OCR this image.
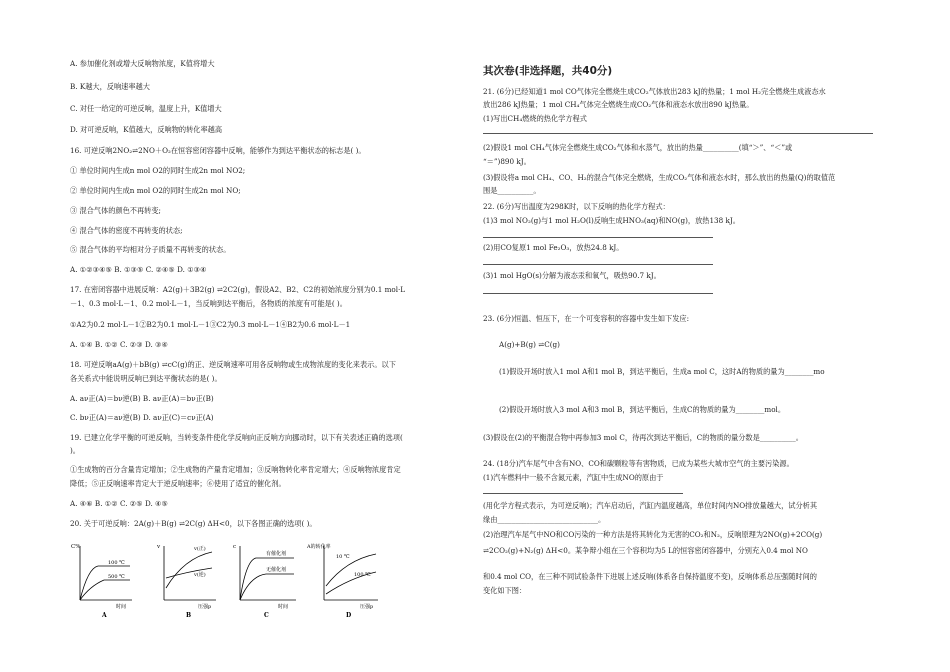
A. 参加催化剂或增大反响物浓度，K值将增大
B. K越大，反响速率越大
C. 对任一给定的可逆反响，温度上升，K值增大
D. 对可逆反响，K值越大，反响物的转化率越高
16. 可逆反响2NO₂⇌2NO＋O₂在恒容密闭容器中反响，能够作为到达平衡状态的标志是( )。
① 单位时间内生成n mol O2的同时生成2n mol NO2;
② 单位时间内生成n mol O2的同时生成2n mol NO;
③ 混合气体的颜色不再转变;
④ 混合气体的密度不再转变的状态;
⑤ 混合气体的平均相对分子质量不再转变的状态。
A. ①②③④⑤ B. ①③⑤ C. ②④⑤ D. ①③④
17. 在密闭容器中进展反响：A2(g)＋3B2(g) ⇌2C2(g)，假设A2、B2、C2的初始浓度分别为0.1 mol·L
－1、0.3 mol·L－1、0.2 mol·L－1，当反响到达平衡后，各物质的浓度有可能是( )。
①A2为0.2 mol·L－1②B2为0.1 mol·L－1③C2为0.3 mol·L－1④B2为0.6 mol·L－1
A. ①④ B. ①② C. ②③ D. ③④
18. 可逆反响aA(g)＋bB(g) ⇌cC(g)的正、逆反响速率可用各反响物或生成物浓度的变化来表示。以下
各关系式中能说明反响已到达平衡状态的是( )。
A. aν正(A)＝bν逆(B) B. aν正(A)＝bν正(B)
C. bν正(A)＝aν逆(B) D. aν正(C)＝cν正(A)
19. 已建立化学平衡的可逆反响，当转变条件使化学反响向正反响方向挪动时，以下有关表述正确的选项(
)。
①生成物的百分含量肯定增加；②生成物的产量肯定增加；③反响物转化率肯定增大；④反响物浓度肯定
降低；⑤正反响速率肯定大于逆反响速率；⑥使用了适宜的催化剂。
A. ④⑥ B. ①② C. ②⑤ D. ④⑤
20. 关于可逆反响：2A(g)＋B(g) ⇌2C(g) ΔH<0，以下各图正确的选项( )。
C%
100 ℃
500 ℃
时间
A
v	v(正)
v(逆)
压强p
B
c
有催化剂
无催化剂
时间
C
A的转化率
10 ℃
100 ℃
压强p
D
其次卷(非选择题，共40分)
21. (6分)已经知道1 mol CO气体完全燃烧生成CO₂气体放出283 kJ的热量；1 mol H₂完全燃烧生成液态水
放出286 kJ热量；1 mol CH₄气体完全燃烧生成CO₂气体和液态水放出890 kJ热量。
(1)写出CH₄燃烧的热化学方程式
(2)假设1 mol CH₄气体完全燃烧生成CO₂气体和水蒸气，放出的热量__________(填“＞”、“＜”或
“＝”)890 kJ。
(3)假设将a mol CH₄、CO、H₂的混合气体完全燃烧，生成CO₂气体和液态水时，那么放出的热量(Q)的取值范
围是__________。
22. (6分)写出温度为298K时，以下反响的热化学方程式：
(1)3 mol NO₂(g)与1 mol H₂O(l)反响生成HNO₃(aq)和NO(g)，放热138 kJ。
(2)用CO复原1 mol Fe₂O₃，放热24.8 kJ。
(3)1 mol HgO(s)分解为液态汞和氧气，吸热90.7 kJ。
23. (6分)恒温、恒压下，在一个可变容积的容器中发生如下发应:
A(g)+B(g) ⇌C(g)
(1)假设开场时放入1 mol A和1 mol B，到达平衡后，生成a mol C，这时A的物质的量为________mo
(2)假设开场时放入3 mol A和3 mol B，到达平衡后，生成C的物质的量为________mol。
(3)假设在(2)的平衡混合物中再参加3 mol C，待再次到达平衡后，C的物质的量分数是__________。
24. (18分)汽车尾气中含有NO、CO和碳颗粒等有害物质，已成为某些大城市空气的主要污染源。
(1)汽车燃料中一般不含氮元素，汽缸中生成NO的原由于
(用化学方程式表示，为可逆反响)；汽车启动后，汽缸内温度越高，单位时间内NO排放量越大，试分析其
缘由____________________________。
(2)治理汽车尾气中NO和CO污染的一种方法是将其转化为无害的CO₂和N₂，反响原理为2NO(g)+2CO(g)
⇌2CO₂(g)+N₂(g) ΔH<0。某争辩小组在三个容积均为5 L的恒容密闭容器中，分别充入0.4 mol NO
和0.4 mol CO，在三种不同试验条件下进展上述反响(体系各自保持温度不变)，反响体系总压强随时间的
变化如下图：
